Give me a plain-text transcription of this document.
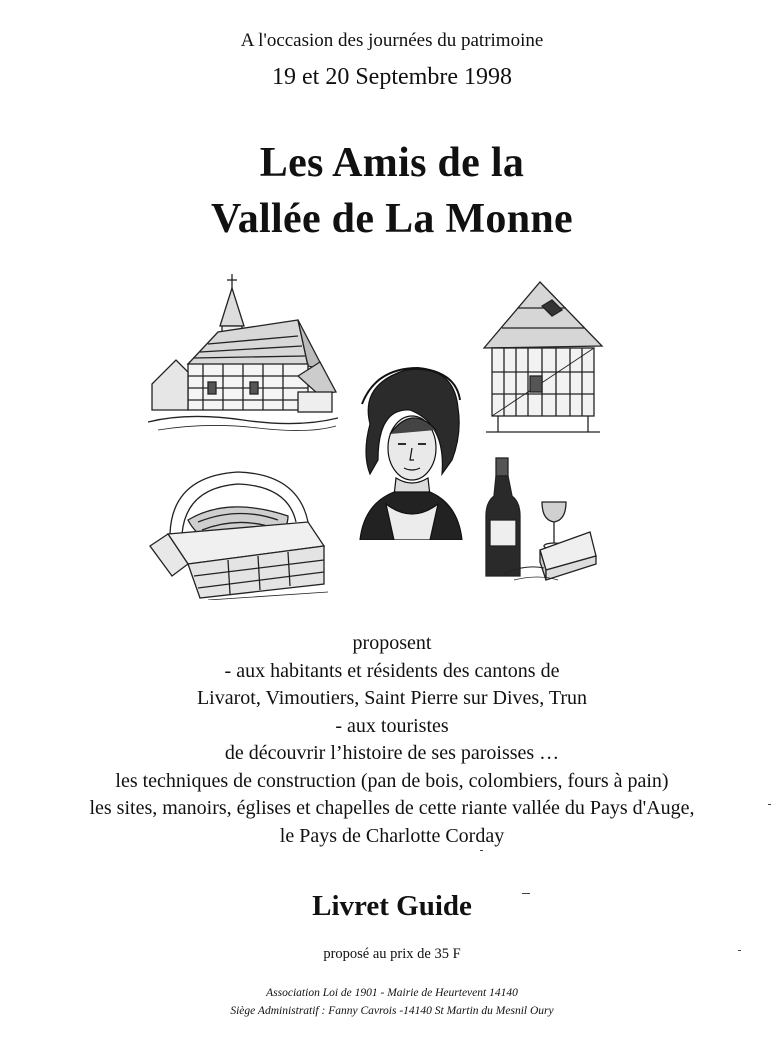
A l'occasion des journées du patrimoine
19 et 20 Septembre 1998
Les Amis de la
Vallée de La Monne
proposent
- aux habitants et résidents des cantons de
Livarot, Vimoutiers, Saint Pierre sur Dives, Trun
- aux touristes
de découvrir l’histoire de ses paroisses …
les techniques de construction (pan de bois, colombiers, fours à pain)
les sites, manoirs, églises et chapelles de cette riante vallée du Pays d'Auge,
le Pays de Charlotte Corday
Livret Guide
proposé au prix de 35 F
Association Loi de 1901 - Mairie de Heurtevent 14140
Siège Administratif : Fanny Cavrois -14140 St Martin du Mesnil Oury
